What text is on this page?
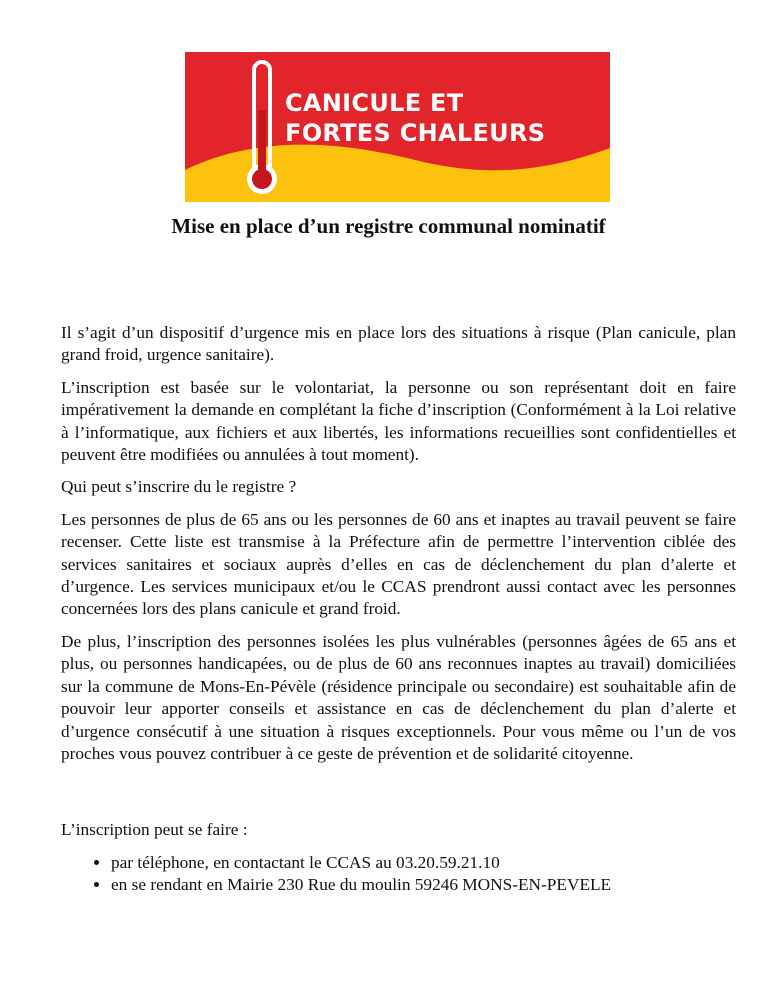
CANICULE ET
FORTES CHALEURS
Mise en place d’un registre communal nominatif

Il s’agit d’un dispositif d’urgence mis en place lors des situations à risque (Plan canicule, plan grand froid, urgence sanitaire).

L’inscription est basée sur le volontariat, la personne ou son représentant doit en faire impérativement la demande en complétant la fiche d’inscription (Conformément à la Loi relative à l’informatique, aux fichiers et aux libertés, les informations recueillies sont confidentielles et peuvent être modifiées ou annulées à tout moment).

Qui peut s’inscrire du le registre ?

Les personnes de plus de 65 ans ou les personnes de 60 ans et inaptes au travail peuvent se faire recenser. Cette liste est transmise à la Préfecture afin de permettre l’intervention ciblée des services sanitaires et sociaux auprès d’elles en cas de déclenchement du plan d’alerte et d’urgence. Les services municipaux et/ou le CCAS prendront aussi contact avec les personnes concernées lors des plans canicule et grand froid.

De plus, l’inscription des personnes isolées les plus vulnérables (personnes âgées de 65 ans et plus, ou personnes handicapées, ou de plus de 60 ans reconnues inaptes au travail) domiciliées sur la commune de Mons-En-Pévèle (résidence principale ou secondaire) est souhaitable afin de pouvoir leur apporter conseils et assistance en cas de déclenchement du plan d’alerte et d’urgence consécutif à une situation à risques exceptionnels. Pour vous même ou l’un de vos proches vous pouvez contribuer à ce geste de prévention et de solidarité citoyenne.

L’inscription peut se faire :

• par téléphone, en contactant le CCAS au 03.20.59.21.10
• en se rendant en Mairie 230 Rue du moulin 59246 MONS-EN-PEVELE
